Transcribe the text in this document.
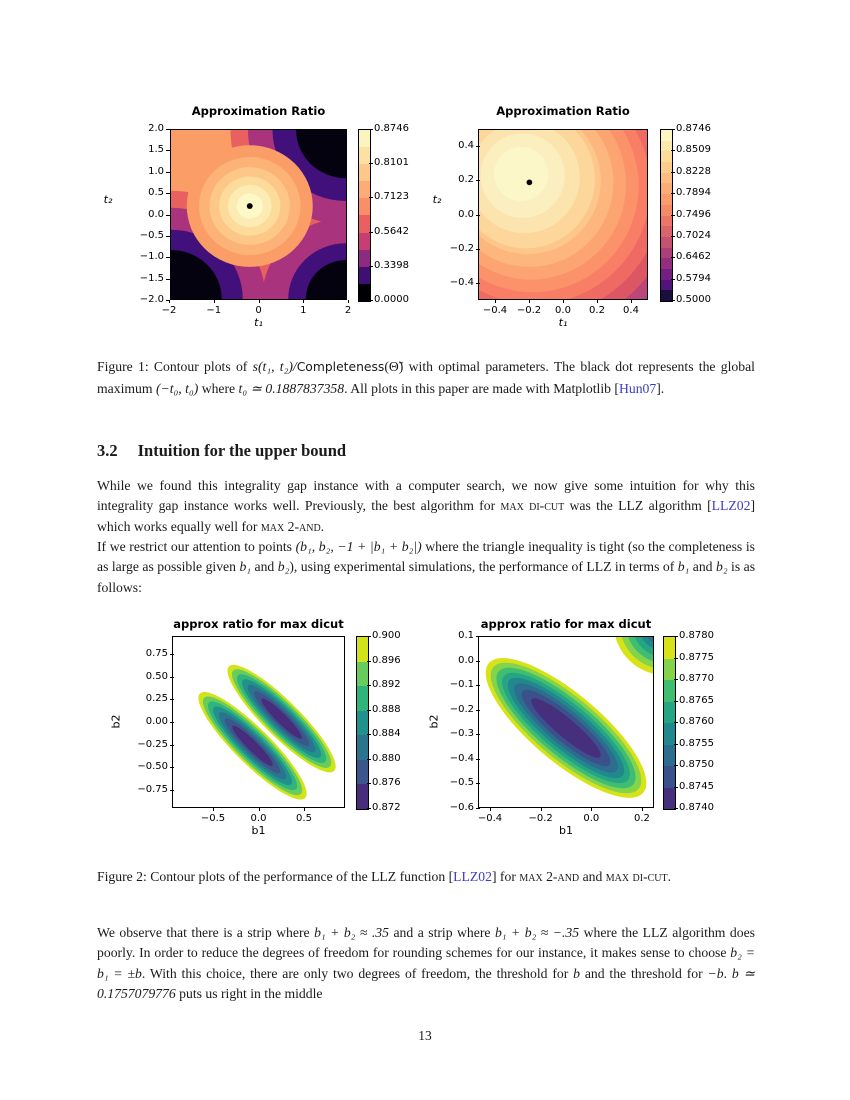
Approximation Ratio
2.0
1.5
1.0
0.5
0.0
−0.5
−1.0
−1.5
−2.0
−2	−1	0	1	2
t₂
t₁
0.8746
0.8101
0.7123
0.5642
0.3398
0.0000
Approximation Ratio
0.4
0.2
0.0
−0.2
−0.4
−0.4 −0.2	0.0	0.2	0.4
t₂
t₁
0.8746
0.8509
0.8228
0.7894
0.7496
0.7024
0.6462
0.5794
0.5000

Figure 1: Contour plots of s(t₁, t₂)/Completeness(Θ̃) with optimal parameters. The black dot represents the global maximum (−t₀, t₀) where t₀ ≃ 0.1887837358. All plots in this paper are made with Matplotlib [Hun07].

3.2 Intuition for the upper bound

While we found this integrality gap instance with a computer search, we now give some intuition for why this integrality gap instance works well. Previously, the best algorithm for max di-cut was the LLZ algorithm [LLZ02] which works equally well for max 2-and.

If we restrict our attention to points (b₁, b₂, −1 + |b₁ + b₂|) where the triangle inequality is tight (so the completeness is as large as possible given b₁ and b₂), using experimental simulations, the performance of LLZ in terms of b₁ and b₂ is as follows:

approx ratio for max dicut
0.75
0.50
0.25
0.00
−0.25
−0.50
−0.75
−0.5	0.0	0.5
b2
b1
0.900
0.896
0.892
0.888
0.884
0.880
0.876
0.872
approx ratio for max dicut
0.1
0.0
−0.1
−0.2
−0.3
−0.4
−0.5
−0.6
−0.4	−0.2	0.0	0.2
b2
b1
0.8780
0.8775
0.8770
0.8765
0.8760
0.8755
0.8750
0.8745
0.8740

Figure 2: Contour plots of the performance of the LLZ function [LLZ02] for max 2-and and max di-cut.

We observe that there is a strip where b₁ + b₂ ≈ .35 and a strip where b₁ + b₂ ≈ −.35 where the LLZ algorithm does poorly. In order to reduce the degrees of freedom for rounding schemes for our instance, it makes sense to choose b₂ = b₁ = ±b. With this choice, there are only two degrees of freedom, the threshold for b and the threshold for −b. b ≃ 0.1757079776 puts us right in the middle

13
